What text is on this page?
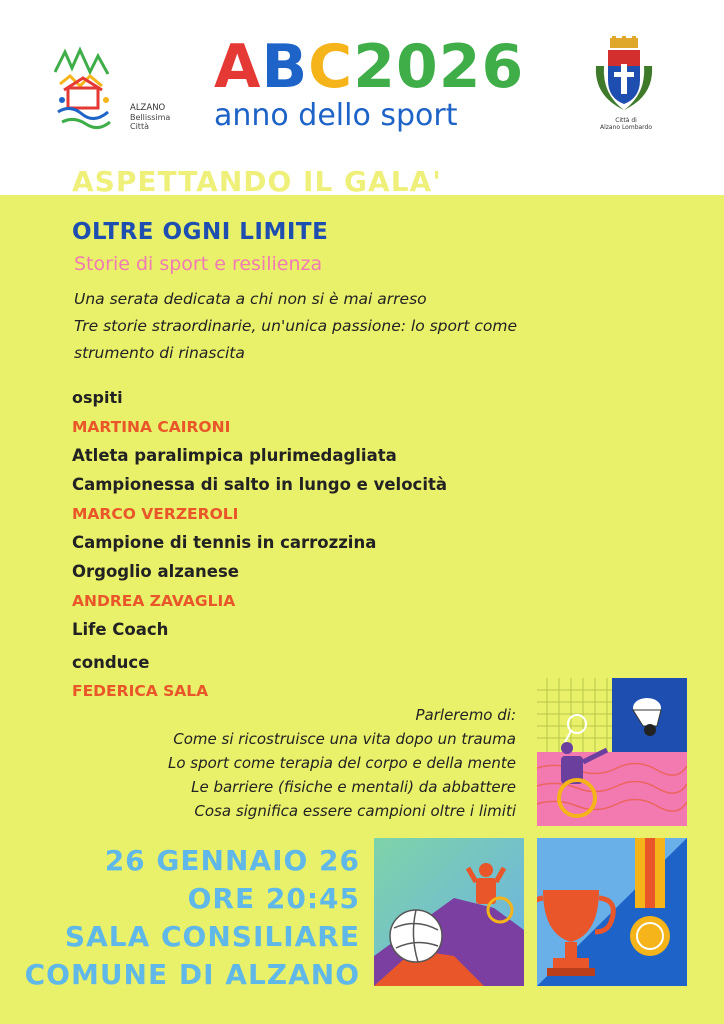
ALZANO
Bellissima
Città
ABC2026
anno dello sport	Città di
Alzano Lombardo
ASPETTANDO IL GALA'
OLTRE OGNI LIMITE
Storie di sport e resilienza
Una serata dedicata a chi non si è mai arreso
Tre storie straordinarie, un'unica passione: lo sport come
strumento di rinascita
ospiti
MARTINA CAIRONI
Atleta paralimpica plurimedagliata
Campionessa di salto in lungo e velocità
MARCO VERZEROLI
Campione di tennis in carrozzina
Orgoglio alzanese
ANDREA ZAVAGLIA
Life Coach
conduce
FEDERICA SALA
Parleremo di:
Come si ricostruisce una vita dopo un trauma
Lo sport come terapia del corpo e della mente
Le barriere (fisiche e mentali) da abbattere
Cosa significa essere campioni oltre i limiti
26 GENNAIO 26
ORE 20:45
SALA CONSILIARE
COMUNE DI ALZANO
